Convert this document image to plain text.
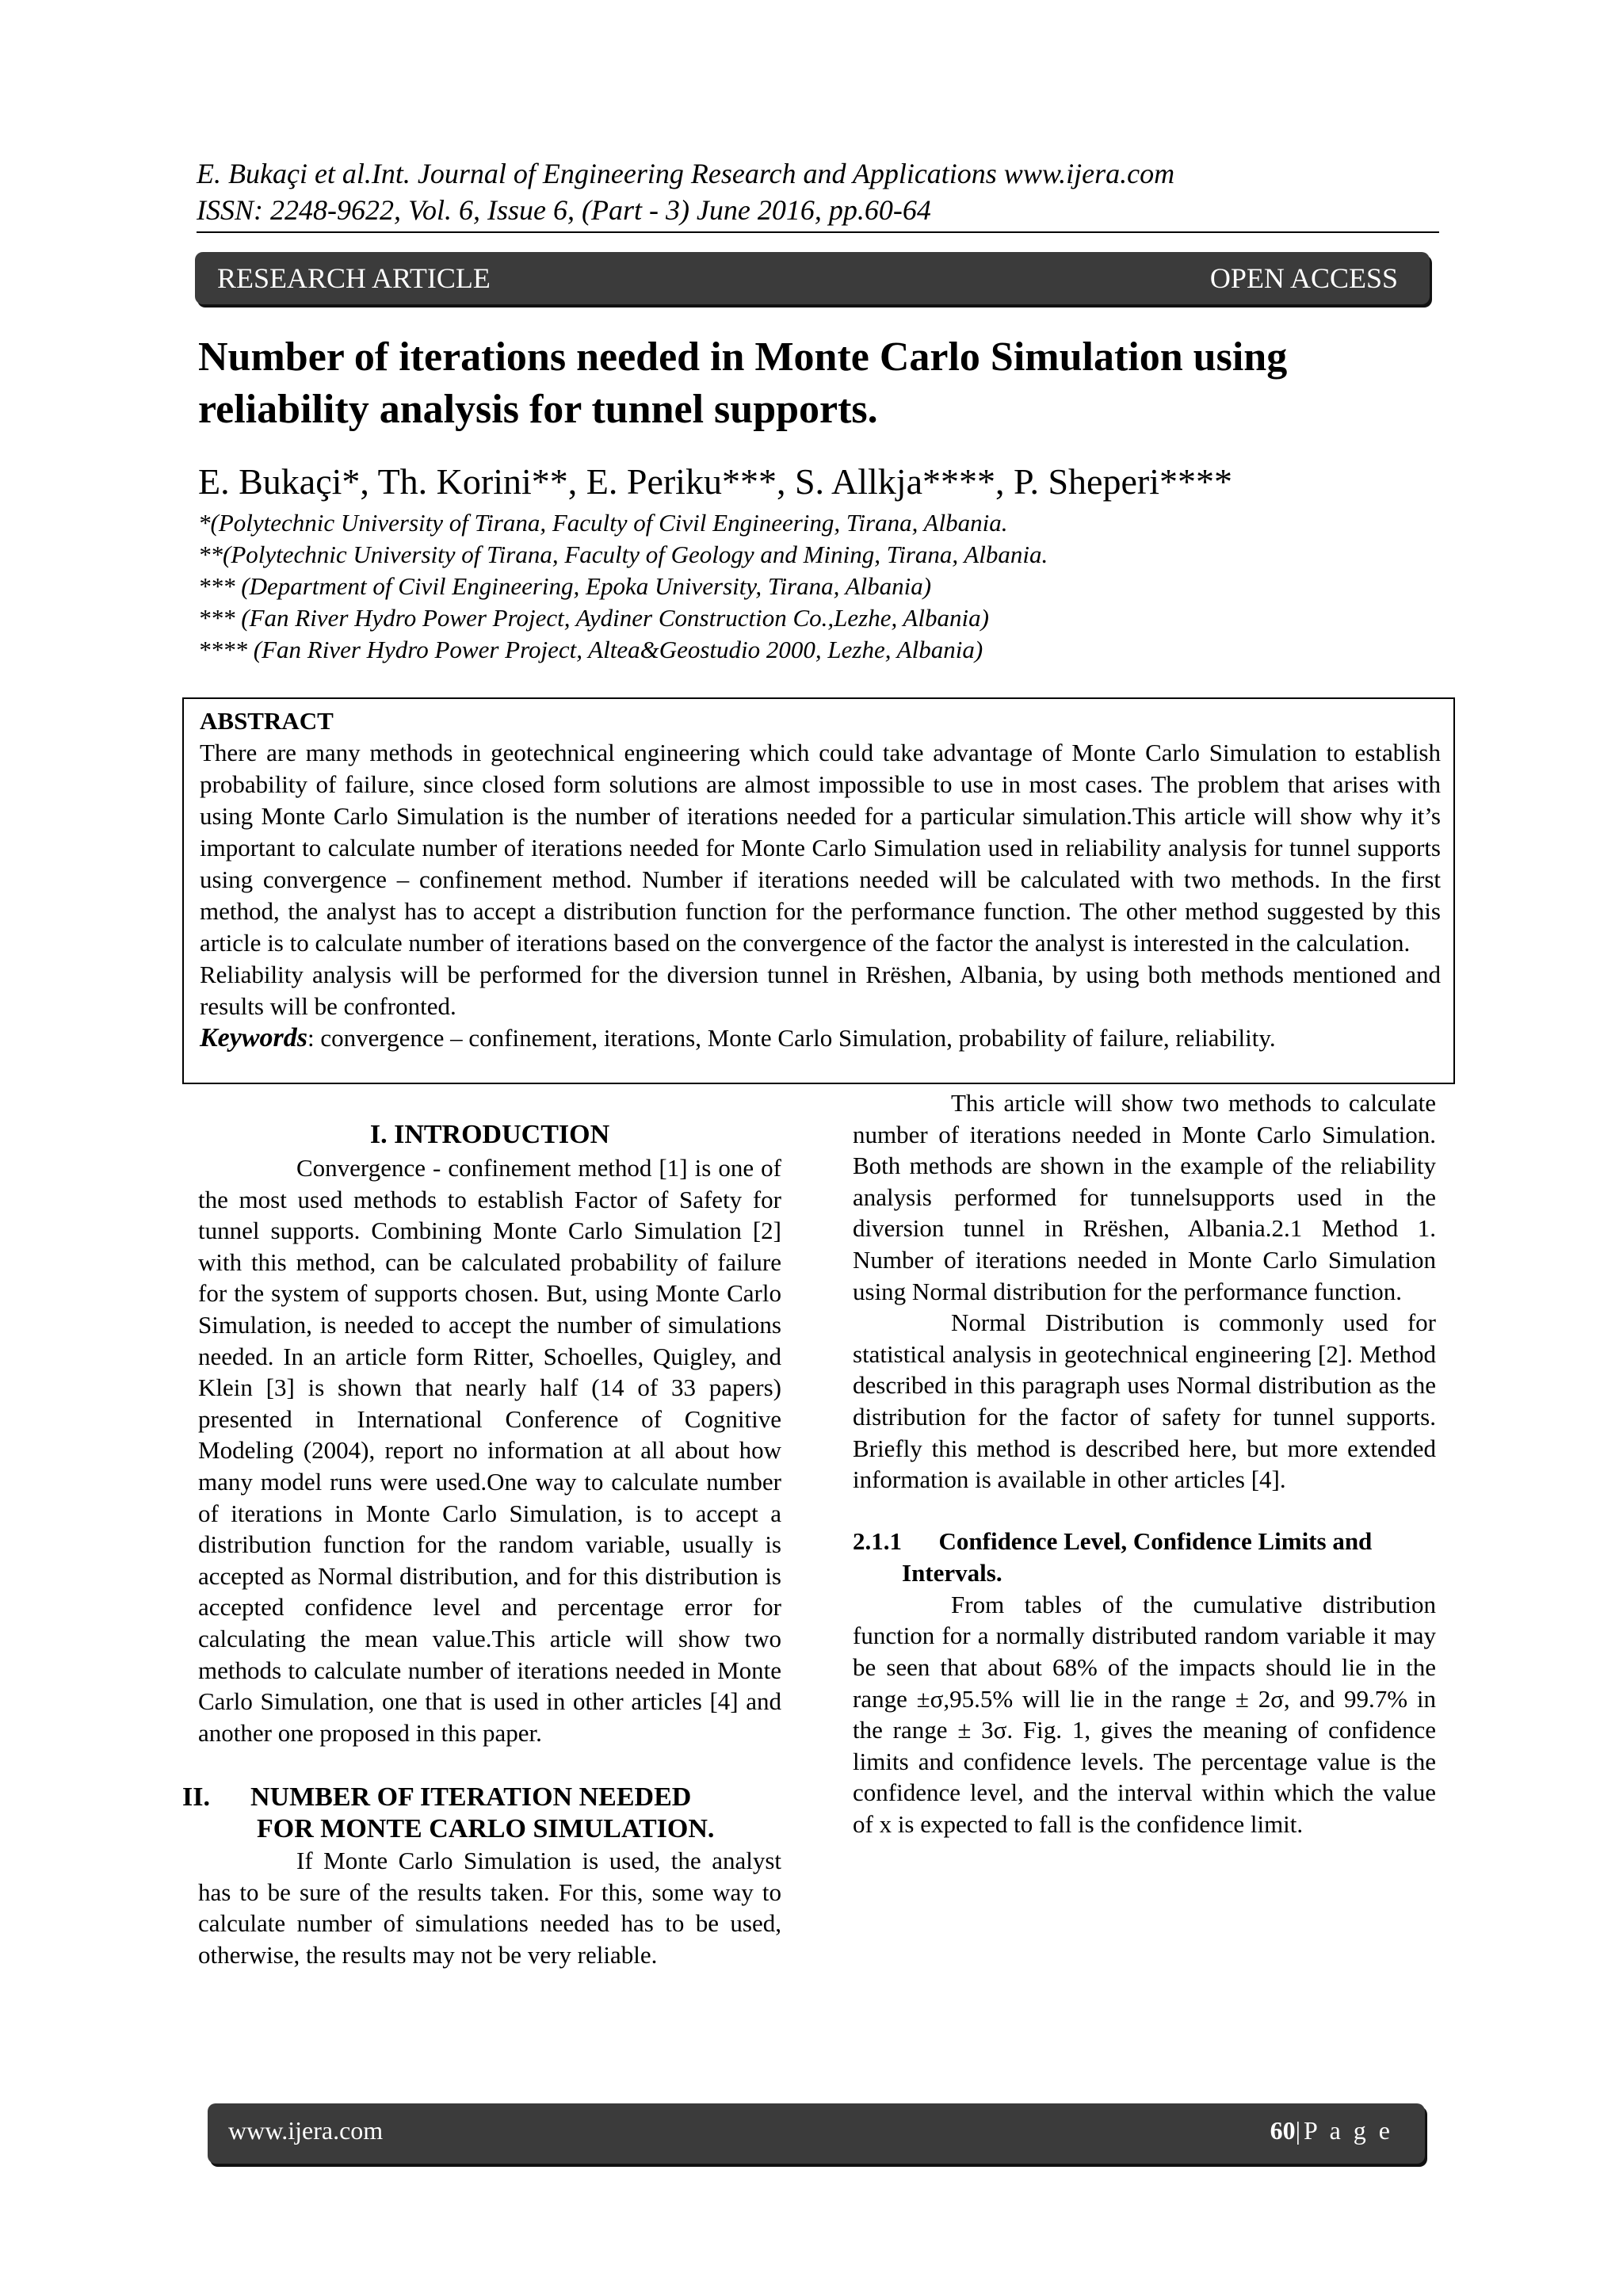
E. Bukaçi et al.Int. Journal of Engineering Research and Applications www.ijera.com
ISSN: 2248-9622, Vol. 6, Issue 6, (Part - 3) June 2016, pp.60-64
RESEARCH ARTICLE	OPEN ACCESS
Number of iterations needed in Monte Carlo Simulation using
reliability analysis for tunnel supports.
E. Bukaçi*, Th. Korini**, E. Periku***, S. Allkja****, P. Sheperi****
*(Polytechnic University of Tirana, Faculty of Civil Engineering, Tirana, Albania.
**(Polytechnic University of Tirana, Faculty of Geology and Mining, Tirana, Albania.
*** (Department of Civil Engineering, Epoka University, Tirana, Albania)
*** (Fan River Hydro Power Project, Aydiner Construction Co.,Lezhe, Albania)
**** (Fan River Hydro Power Project, Altea&Geostudio 2000, Lezhe, Albania)
ABSTRACT

There are many methods in geotechnical engineering which could take advantage of Monte Carlo Simulation to establish probability of failure, since closed form solutions are almost impossible to use in most cases. The problem that arises with using Monte Carlo Simulation is the number of iterations needed for a particular simulation.This article will show why it’s important to calculate number of iterations needed for Monte Carlo Simulation used in reliability analysis for tunnel supports using convergence – confinement method. Number if iterations needed will be calculated with two methods. In the first method, the analyst has to accept a distribution function for the performance function. The other method suggested by this article is to calculate number of iterations based on the convergence of the factor the analyst is interested in the calculation.

Reliability analysis will be performed for the diversion tunnel in Rrëshen, Albania, by using both methods mentioned and results will be confronted.

Keywords: convergence – confinement, iterations, Monte Carlo Simulation, probability of failure, reliability.

I. INTRODUCTION

Convergence - confinement method [1] is one of the most used methods to establish Factor of Safety for tunnel supports. Combining Monte Carlo Simulation [2] with this method, can be calculated probability of failure for the system of supports chosen. But, using Monte Carlo Simulation, is needed to accept the number of simulations needed. In an article form Ritter, Schoelles, Quigley, and Klein [3] is shown that nearly half (14 of 33 papers) presented in International Conference of Cognitive Modeling (2004), report no information at all about how many model runs were used.One way to calculate number of iterations in Monte Carlo Simulation, is to accept a distribution function for the random variable, usually is accepted as Normal distribution, and for this distribution is accepted confidence level and percentage error for calculating the mean value.This article will show two methods to calculate number of iterations needed in Monte Carlo Simulation, one that is used in other articles [4] and another one proposed in this paper.

II.      NUMBER OF ITERATION NEEDED
FOR MONTE CARLO SIMULATION.

If Monte Carlo Simulation is used, the analyst has to be sure of the results taken. For this, some way to calculate number of simulations needed has to be used, otherwise, the results may not be very reliable.

This article will show two methods to calculate number of iterations needed in Monte Carlo Simulation. Both methods are shown in the example of the reliability analysis performed for tunnelsupports used in the diversion tunnel in Rrëshen, Albania.2.1 Method 1. Number of iterations needed in Monte Carlo Simulation using Normal distribution for the performance function.

Normal Distribution is commonly used for statistical analysis in geotechnical engineering [2]. Method described in this paragraph uses Normal distribution as the distribution for the factor of safety for tunnel supports. Briefly this method is described here, but more extended information is available in other articles [4].

2.1.1      Confidence Level, Confidence Limits and
Intervals.

From tables of the cumulative distribution function for a normally distributed random variable it may be seen that about 68% of the impacts should lie in the range ±σ,95.5% will lie in the range ± 2σ, and 99.7% in the range ± 3σ. Fig. 1, gives the meaning of confidence limits and confidence levels. The percentage value is the confidence level, and the interval within which the value of x is expected to fall is the confidence limit.

www.ijera.com	60|P a g e
